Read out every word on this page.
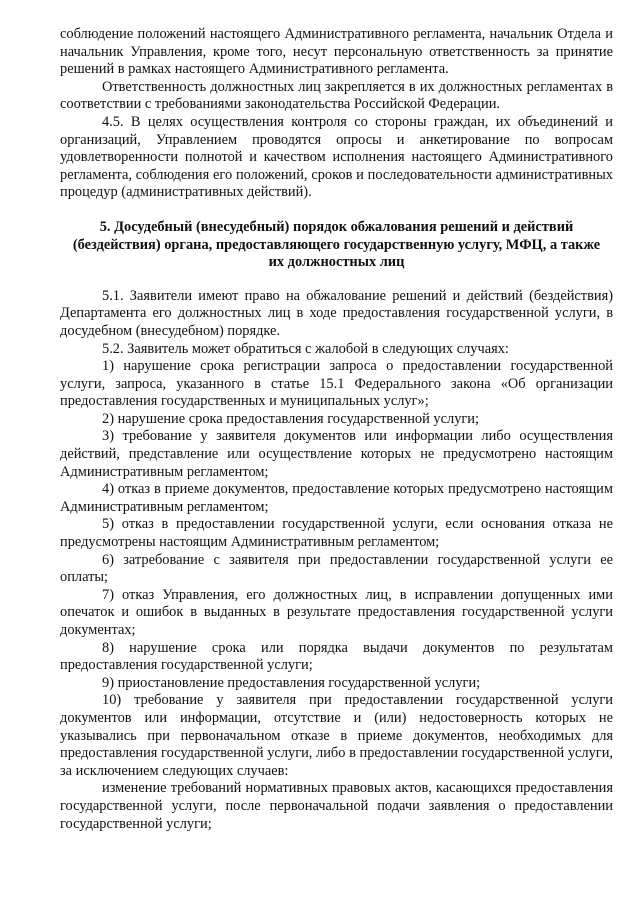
соблюдение положений настоящего Административного регламента, начальник Отдела и начальник Управления, кроме того, несут персональную ответственность за принятие решений в рамках настоящего Административного регламента.

Ответственность должностных лиц закрепляется в их должностных регламентах в соответствии с требованиями законодательства Российской Федерации.

4.5. В целях осуществления контроля со стороны граждан, их объединений и организаций, Управлением проводятся опросы и анкетирование по вопросам удовлетворенности полнотой и качеством исполнения настоящего Административного регламента, соблюдения его положений, сроков и последовательности административных процедур (административных действий).

5. Досудебный (внесудебный) порядок обжалования решений и действий (бездействия) органа, предоставляющего государственную услугу, МФЦ, а также их должностных лиц

5.1. Заявители имеют право на обжалование решений и действий (бездействия) Департамента его должностных лиц в ходе предоставления государственной услуги, в досудебном (внесудебном) порядке.

5.2. Заявитель может обратиться с жалобой в следующих случаях:

1) нарушение срока регистрации запроса о предоставлении государственной услуги, запроса, указанного в статье 15.1 Федерального закона «Об организации предоставления государственных и муниципальных услуг»;

2) нарушение срока предоставления государственной услуги;

3) требование у заявителя документов или информации либо осуществления действий, представление или осуществление которых не предусмотрено настоящим Административным регламентом;

4) отказ в приеме документов, предоставление которых предусмотрено настоящим Административным регламентом;

5) отказ в предоставлении государственной услуги, если основания отказа не предусмотрены настоящим Административным регламентом;

6) затребование с заявителя при предоставлении государственной услуги ее оплаты;

7) отказ Управления, его должностных лиц, в исправлении допущенных ими опечаток и ошибок в выданных в результате предоставления государственной услуги документах;

8) нарушение срока или порядка выдачи документов по результатам предоставления государственной услуги;

9) приостановление предоставления государственной услуги;

10) требование у заявителя при предоставлении государственной услуги документов или информации, отсутствие и (или) недостоверность которых не указывались при первоначальном отказе в приеме документов, необходимых для предоставления государственной услуги, либо в предоставлении государственной услуги, за исключением следующих случаев:

изменение требований нормативных правовых актов, касающихся предоставления государственной услуги, после первоначальной подачи заявления о предоставлении государственной услуги;
